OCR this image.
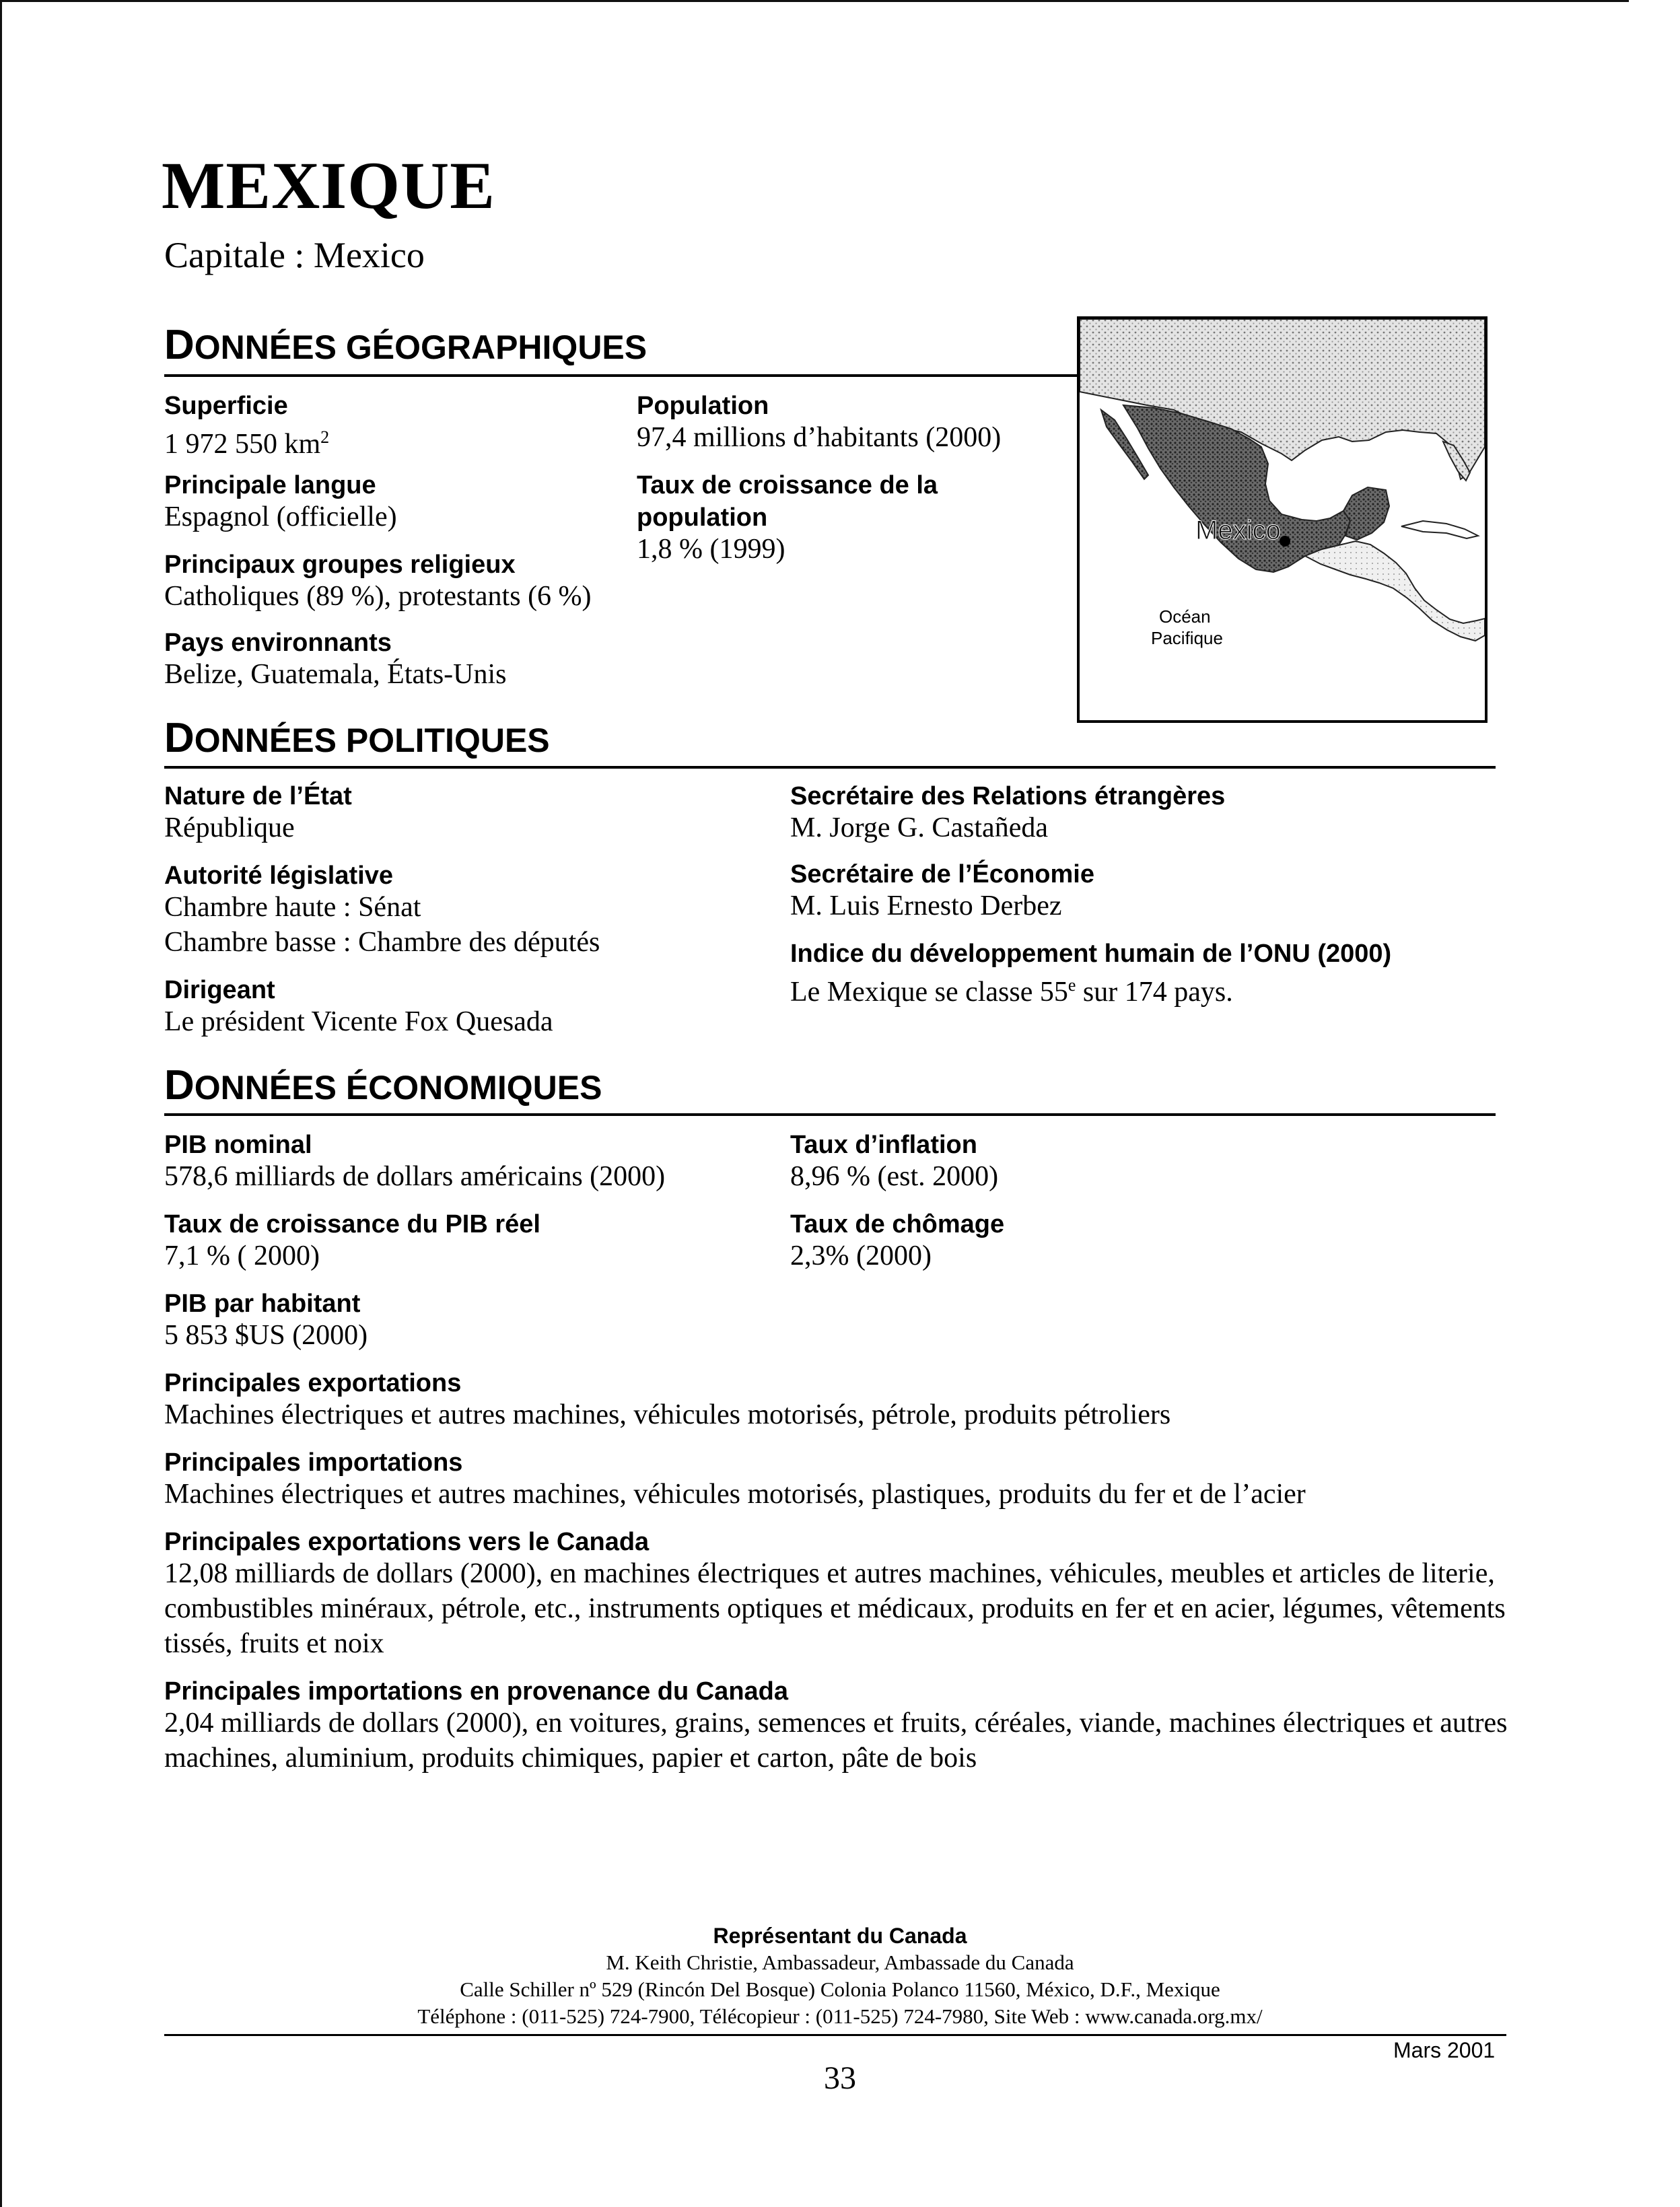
MEXIQUE
Capitale : Mexico
DONNÉES GÉOGRAPHIQUES
Superficie
1 972 550 $km^2$
Population
97,4 millions d’habitants (2000)
Principale langue
Espagnol (officielle)
Taux de croissance de la
population
1,8 % (1999)
Principaux groupes religieux
Catholiques (89 %), protestants (6 %)
Pays environnants
Belize, Guatemala, États-Unis
Mexico
Océan
Pacifique
DONNÉES POLITIQUES
Nature de l’État
République
Autorité législative
Chambre haute : Sénat
Chambre basse : Chambre des députés
Dirigeant
Le président Vicente Fox Quesada
Secrétaire des Relations étrangères
M. Jorge G. Castañeda
Secrétaire de l’Économie
M. Luis Ernesto Derbez
Indice du développement humain de l’ONU (2000)
Le Mexique se classe 55e sur 174 pays.
DONNÉES ÉCONOMIQUES
PIB nominal
578,6 milliards de dollars américains (2000)
Taux d’inflation
8,96 % (est. 2000)
Taux de croissance du PIB réel
7,1 % ( 2000)
Taux de chômage
2,3% (2000)
PIB par habitant
5 853 $US (2000)
Principales exportations
Machines électriques et autres machines, véhicules motorisés, pétrole, produits pétroliers
Principales importations
Machines électriques et autres machines, véhicules motorisés, plastiques, produits du fer et de l’acier
Principales exportations vers le Canada
12,08 milliards de dollars (2000), en machines électriques et autres machines, véhicules, meubles et articles de literie, combustibles minéraux, pétrole, etc., instruments optiques et médicaux, produits en fer et en acier, légumes, vêtements tissés, fruits et noix
Principales importations en provenance du Canada
2,04 milliards de dollars (2000), en voitures, grains, semences et fruits, céréales, viande, machines électriques et autres machines, aluminium, produits chimiques, papier et carton, pâte de bois
Représentant du Canada
M. Keith Christie, Ambassadeur, Ambassade du Canada
Calle Schiller nº 529 (Rincón Del Bosque) Colonia Polanco 11560, México, D.F., Mexique
Téléphone : (011-525) 724-7900, Télécopieur : (011-525) 724-7980, Site Web : www.canada.org.mx/
Mars 2001
33
